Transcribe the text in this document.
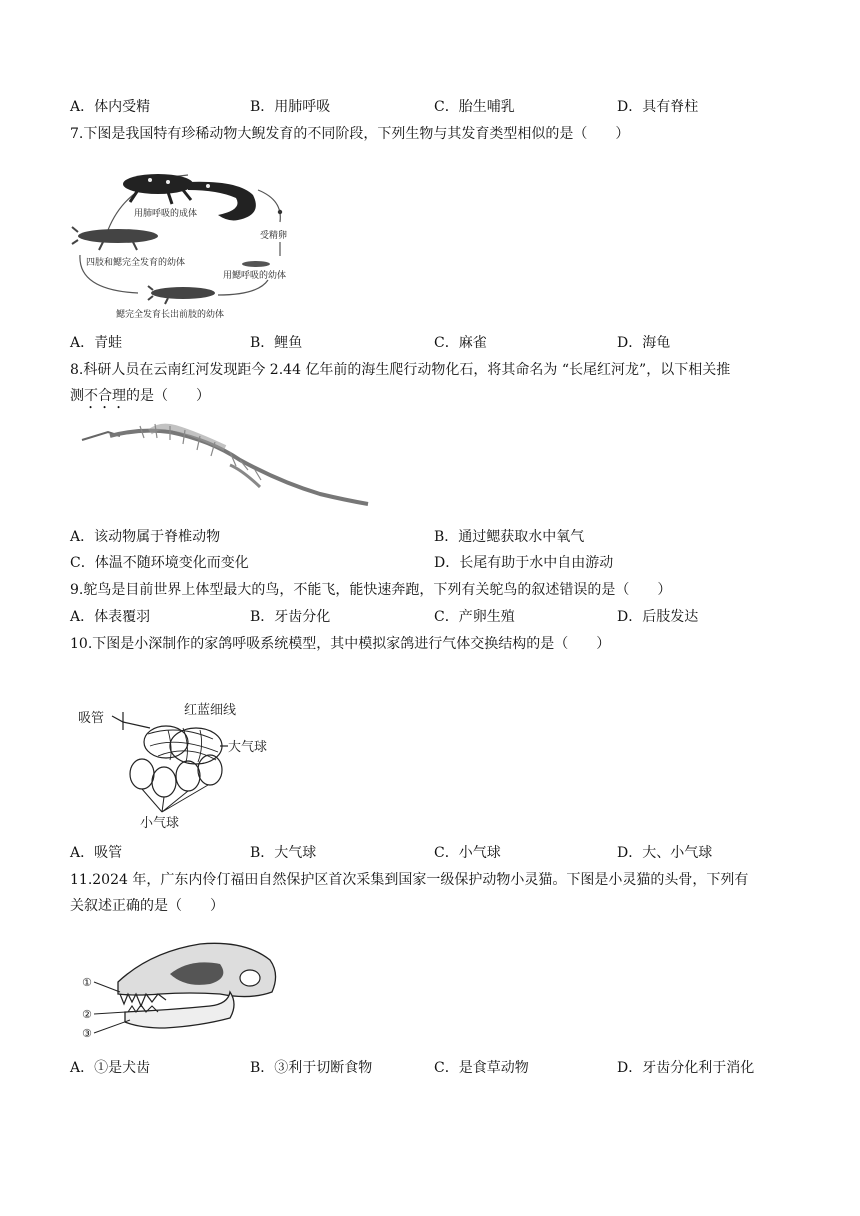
A．体内受精	B．用肺呼吸	C．胎生哺乳	D．具有脊柱
7.下图是我国特有珍稀动物大鲵发育的不同阶段，下列生物与其发育类型相似的是（　　）
用肺呼吸的成体
受精卵
用鳃呼吸的幼体
四肢和鳃完全发育的幼体
鳃完全发育长出前肢的幼体
A．青蛙	B．鲤鱼	C．麻雀	D．海龟
8.科研人员在云南红河发现距今 2.44 亿年前的海生爬行动物化石，将其命名为 “长尾红河龙”，以下相关推
测不合理的是（　　）
A．该动物属于脊椎动物	B．通过鳃获取水中氧气
C．体温不随环境变化而变化	D．长尾有助于水中自由游动
9.鸵鸟是目前世界上体型最大的鸟，不能飞，能快速奔跑，下列有关鸵鸟的叙述错误的是（　　）
A．体表覆羽	B．牙齿分化	C．产卵生殖	D．后肢发达
10.下图是小深制作的家鸽呼吸系统模型，其中模拟家鸽进行气体交换结构的是（　　）
吸管
红蓝细线
大气球
小气球
A．吸管	B．大气球	C．小气球	D．大、小气球
11.2024 年，广东内伶仃福田自然保护区首次采集到国家一级保护动物小灵猫。下图是小灵猫的头骨，下列有
关叙述正确的是（　　）
①
②
③
A．①是犬齿	B．③利于切断食物	C．是食草动物	D．牙齿分化利于消化
